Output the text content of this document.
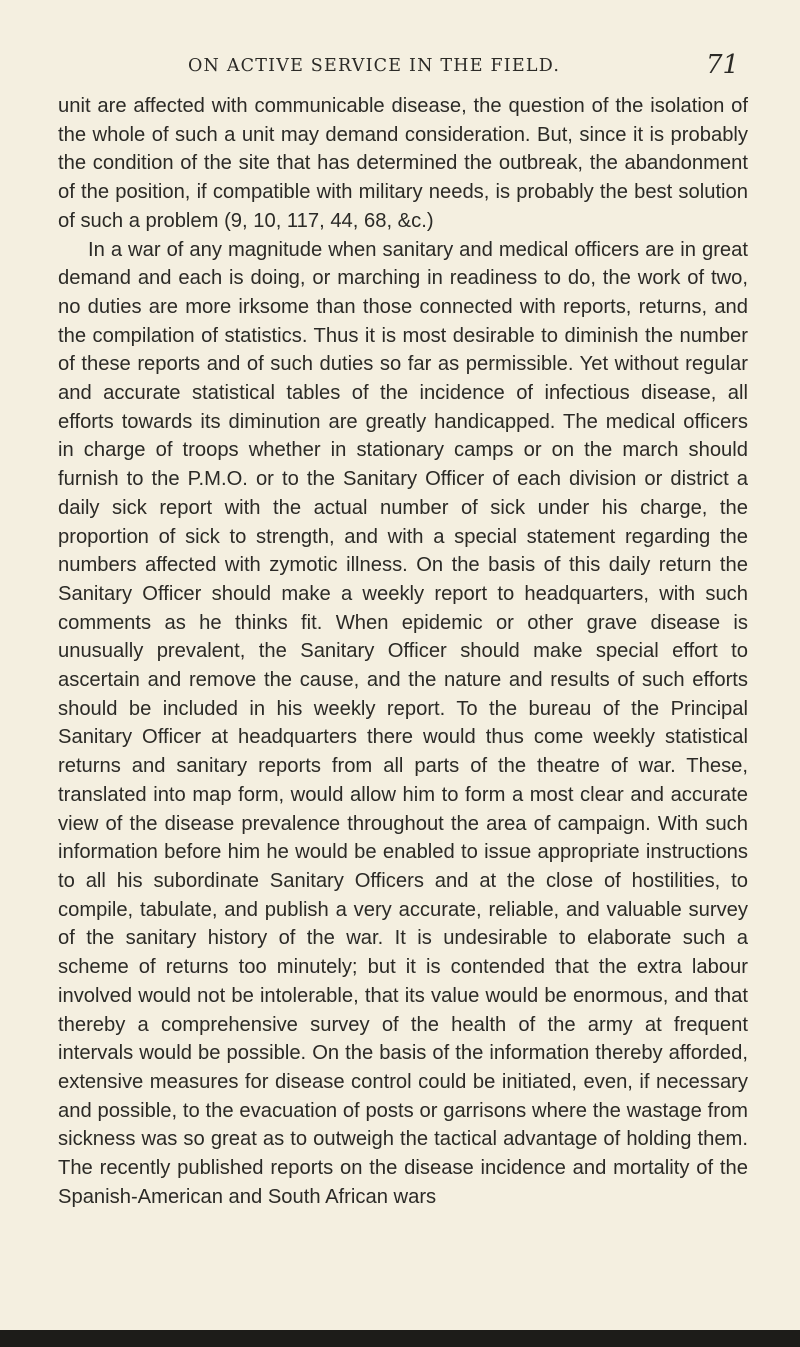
ON ACTIVE SERVICE IN THE FIELD.	71

unit are affected with communicable disease, the question of the isolation of the whole of such a unit may demand consideration. But, since it is probably the condition of the site that has determined the outbreak, the abandonment of the position, if compatible with military needs, is probably the best solution of such a problem (9, 10, 117, 44, 68, &c.)

In a war of any magnitude when sanitary and medical officers are in great demand and each is doing, or marching in readiness to do, the work of two, no duties are more irksome than those connected with reports, returns, and the compilation of statistics. Thus it is most desirable to diminish the number of these reports and of such duties so far as permissible. Yet without regular and accurate statistical tables of the incidence of infectious disease, all efforts towards its diminution are greatly handicapped. The medical officers in charge of troops whether in stationary camps or on the march should furnish to the P.M.O. or to the Sanitary Officer of each division or district a daily sick report with the actual number of sick under his charge, the proportion of sick to strength, and with a special statement regarding the numbers affected with zymotic illness. On the basis of this daily return the Sanitary Officer should make a weekly report to headquarters, with such comments as he thinks fit. When epidemic or other grave disease is unusually prevalent, the Sanitary Officer should make special effort to ascertain and remove the cause, and the nature and results of such efforts should be included in his weekly report. To the bureau of the Principal Sanitary Officer at headquarters there would thus come weekly statistical returns and sanitary reports from all parts of the theatre of war. These, translated into map form, would allow him to form a most clear and accurate view of the disease prevalence throughout the area of campaign. With such information before him he would be enabled to issue appropriate instructions to all his subordinate Sanitary Officers and at the close of hostilities, to compile, tabulate, and publish a very accurate, reliable, and valuable survey of the sanitary history of the war. It is undesirable to elaborate such a scheme of returns too minutely; but it is contended that the extra labour involved would not be intolerable, that its value would be enormous, and that thereby a comprehensive survey of the health of the army at frequent intervals would be possible. On the basis of the information thereby afforded, extensive measures for disease control could be initiated, even, if necessary and possible, to the evacuation of posts or garrisons where the wastage from sickness was so great as to outweigh the tactical advantage of holding them. The recently published reports on the disease incidence and mortality of the Spanish-American and South African wars
